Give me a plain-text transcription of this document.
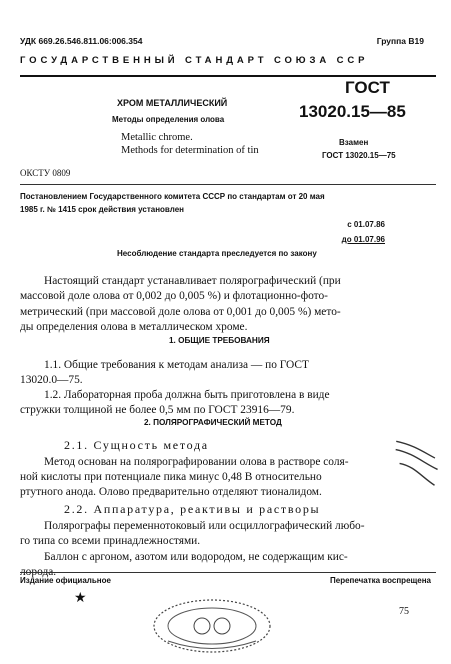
УДК 669.26.546.811.06:006.354	Группа В19
ГОСУДАРСТВЕННЫЙ СТАНДАРТ СОЮЗА ССР
ХРОМ МЕТАЛЛИЧЕСКИЙ
Методы определения олова
Metallic chrome.
Methods for determination of tin
ГОСТ
13020.15—85
Взамен
ГОСТ 13020.15—75
ОКСТУ 0809
Постановлением Государственного комитета СССР по стандартам от 20 мая
1985 г. № 1415 срок действия установлен
с 01.07.86
до 01.07.96
Несоблюдение стандарта преследуется по закону
Настоящий стандарт устанавливает полярографический (при
массовой доле олова от 0,002 до 0,005 %) и флотационно-фото-
метрический (при массовой доле олова от 0,001 до 0,005 %) мето-
ды определения олова в металлическом хроме.
1. ОБЩИЕ ТРЕБОВАНИЯ
1.1. Общие требования к методам анализа — по ГОСТ
13020.0—75.
1.2. Лабораторная проба должна быть приготовлена в виде
стружки толщиной не более 0,5 мм по ГОСТ 23916—79.
2. ПОЛЯРОГРАФИЧЕСКИЙ МЕТОД
2.1. Сущность метода
Метод основан на полярографировании олова в растворе соля-
ной кислоты при потенциале пика минус 0,48 В относительно
ртутного анода. Олово предварительно отделяют тионалидом.
2.2. Аппаратура, реактивы и растворы
Полярографы переменнотоковый или осциллографический любо-
го типа со всеми принадлежностями.
Баллон с аргоном, азотом или водородом, не содержащим кис-
лорода.
Издание официальное	Перепечатка воспрещена
★
75
